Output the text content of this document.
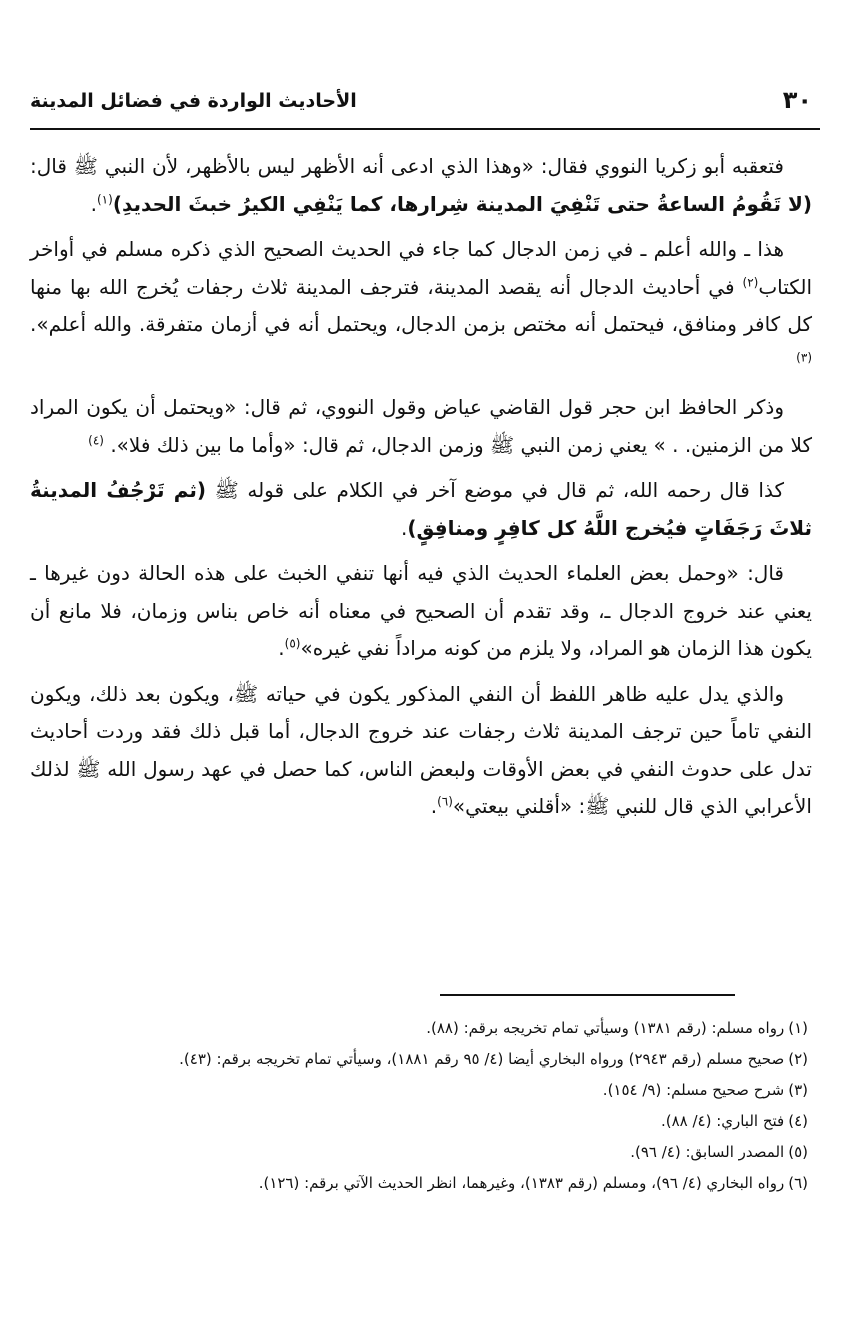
٣٠
الأحاديث الواردة في فضائل المدينة

فتعقبه أبو زكريا النووي فقال: «وهذا الذي ادعى أنه الأظهر ليس بالأظهر، لأن النبي ﷺ قال: (لا تَقُومُ الساعةُ حتى تَنْفِيَ المدينة شِرارها، كما يَنْفِي الكيرُ خبثَ الحديدِ)$^{(١)}$.

هذا ـ والله أعلم ـ في زمن الدجال كما جاء في الحديث الصحيح الذي ذكره مسلم في أواخر الكتاب$^{(٢)}$ في أحاديث الدجال أنه يقصد المدينة، فترجف المدينة ثلاث رجفات يُخرج الله بها منها كل كافر ومنافق، فيحتمل أنه مختص بزمن الدجال، ويحتمل أنه في أزمان متفرقة. والله أعلم». $^{(٣)}$

وذكر الحافظ ابن حجر قول القاضي عياض وقول النووي، ثم قال: «ويحتمل أن يكون المراد كلا من الزمنين. . » يعني زمن النبي ﷺ وزمن الدجال، ثم قال: «وأما ما بين ذلك فلا». $^{(٤)}$

كذا قال رحمه الله، ثم قال في موضع آخر في الكلام على قوله ﷺ (ثم تَرْجُفُ المدينةُ ثلاثَ رَجَفَاتٍ فيُخرج اللَّهُ كل كافِرٍ ومنافِقٍ).

قال: «وحمل بعض العلماء الحديث الذي فيه أنها تنفي الخبث على هذه الحالة دون غيرها ـ يعني عند خروج الدجال ـ، وقد تقدم أن الصحيح في معناه أنه خاص بناس وزمان، فلا مانع أن يكون هذا الزمان هو المراد، ولا يلزم من كونه مراداً نفي غيره»$^{(٥)}$.

والذي يدل عليه ظاهر اللفظ أن النفي المذكور يكون في حياته ﷺ، ويكون بعد ذلك، ويكون النفي تاماً حين ترجف المدينة ثلاث رجفات عند خروج الدجال، أما قبل ذلك فقد وردت أحاديث تدل على حدوث النفي في بعض الأوقات ولبعض الناس، كما حصل في عهد رسول الله ﷺ لذلك الأعرابي الذي قال للنبي ﷺ: «أقلني بيعتي»$^{(٦)}$.

(١)رواه مسلم: (رقم ١٣٨١) وسيأتي تمام تخريجه برقم: (٨٨).

(٢)صحيح مسلم (رقم ٢٩٤٣) ورواه البخاري أيضا (٤/ ٩٥ رقم ١٨٨١)، وسيأتي تمام تخريجه برقم: (٤٣).

(٣)شرح صحيح مسلم: (٩/ ١٥٤).

(٤)فتح الباري: (٤/ ٨٨).

(٥)المصدر السابق: (٤/ ٩٦).

(٦)رواه البخاري (٤/ ٩٦)، ومسلم (رقم ١٣٨٣)، وغيرهما، انظر الحديث الآتي برقم: (١٢٦).
